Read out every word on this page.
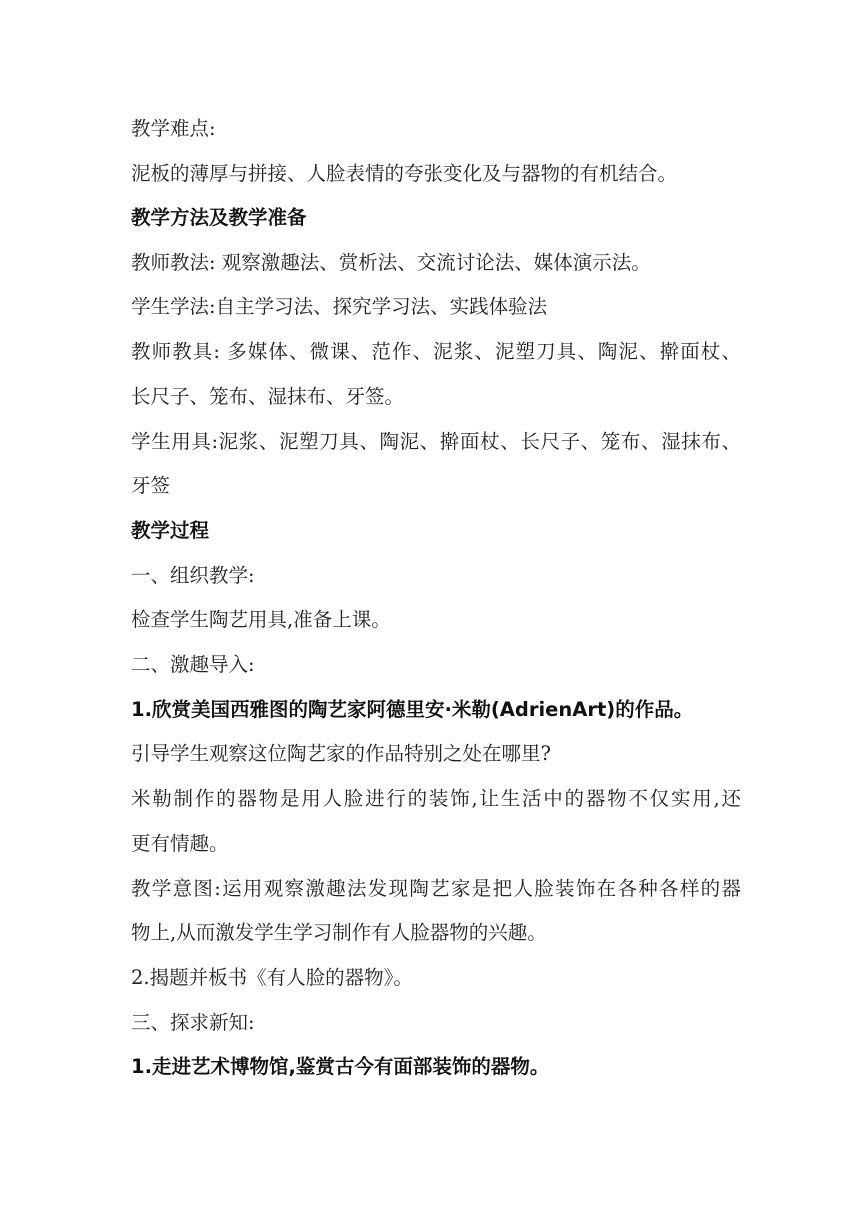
教学难点:

泥板的薄厚与拼接、人脸表情的夸张变化及与器物的有机结合。

教学方法及教学准备

教师教法: 观察激趣法、赏析法、交流讨论法、媒体演示法。

学生学法:自主学习法、探究学习法、实践体验法

教师教具: 多媒体、微课、范作、泥浆、泥塑刀具、陶泥、擀面杖、

长尺子、笼布、湿抹布、牙签。

学生用具:泥浆、泥塑刀具、陶泥、擀面杖、长尺子、笼布、湿抹布、

牙签

教学过程

一、组织教学:

检查学生陶艺用具,准备上课。

二、激趣导入:

1.欣赏美国西雅图的陶艺家阿德里安·米勒(AdrienArt)的作品。

引导学生观察这位陶艺家的作品特别之处在哪里?

米勒制作的器物是用人脸进行的装饰,让生活中的器物不仅实用,还

更有情趣。

教学意图:运用观察激趣法发现陶艺家是把人脸装饰在各种各样的器

物上,从而激发学生学习制作有人脸器物的兴趣。

2.揭题并板书《有人脸的器物》。

三、探求新知:

1.走进艺术博物馆,鉴赏古今有面部装饰的器物。
